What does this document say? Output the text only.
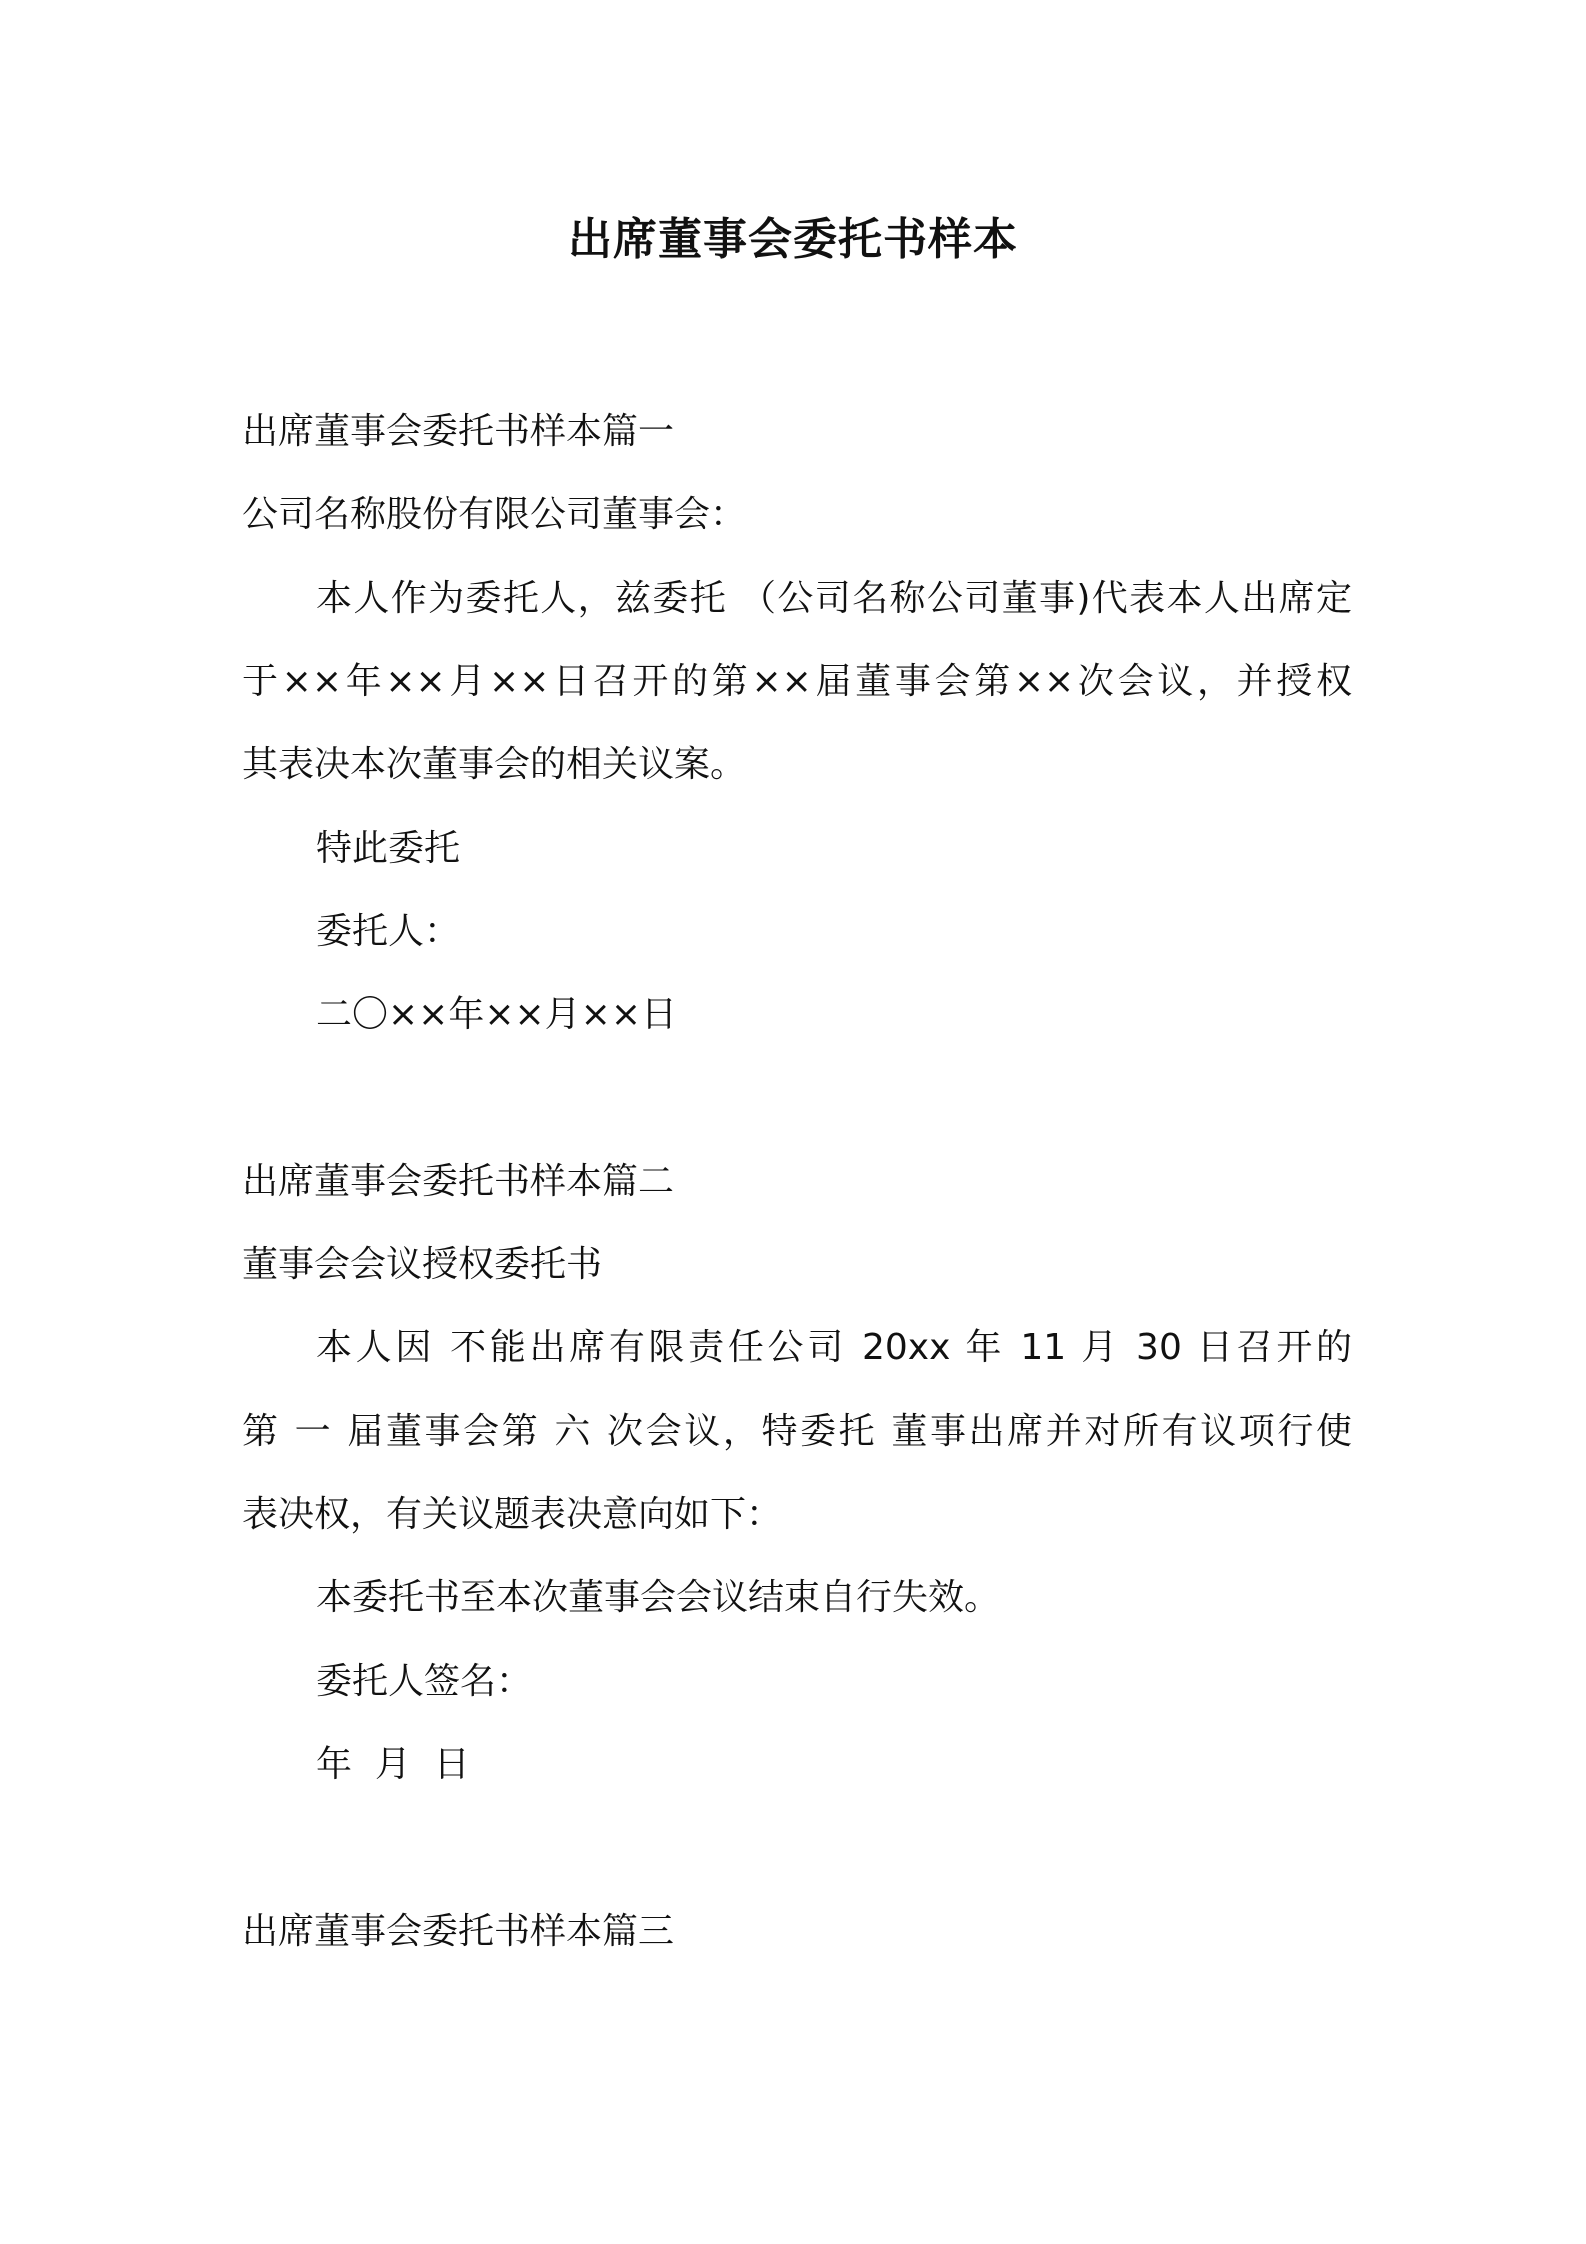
出席董事会委托书样本
出席董事会委托书样本篇一
公司名称股份有限公司董事会：
本人作为委托人，兹委托 （公司名称公司董事)代表本人出席定
于××年××月××日召开的第××届董事会第××次会议，并授权
其表决本次董事会的相关议案。
特此委托
委托人：
二〇××年××月××日
出席董事会委托书样本篇二
董事会会议授权委托书
本人因 不能出席有限责任公司 20xx 年 11 月 30 日召开的
第 一 届董事会第 六 次会议，特委托 董事出席并对所有议项行使
表决权，有关议题表决意向如下：
本委托书至本次董事会会议结束自行失效。
委托人签名：
年  月  日
出席董事会委托书样本篇三
